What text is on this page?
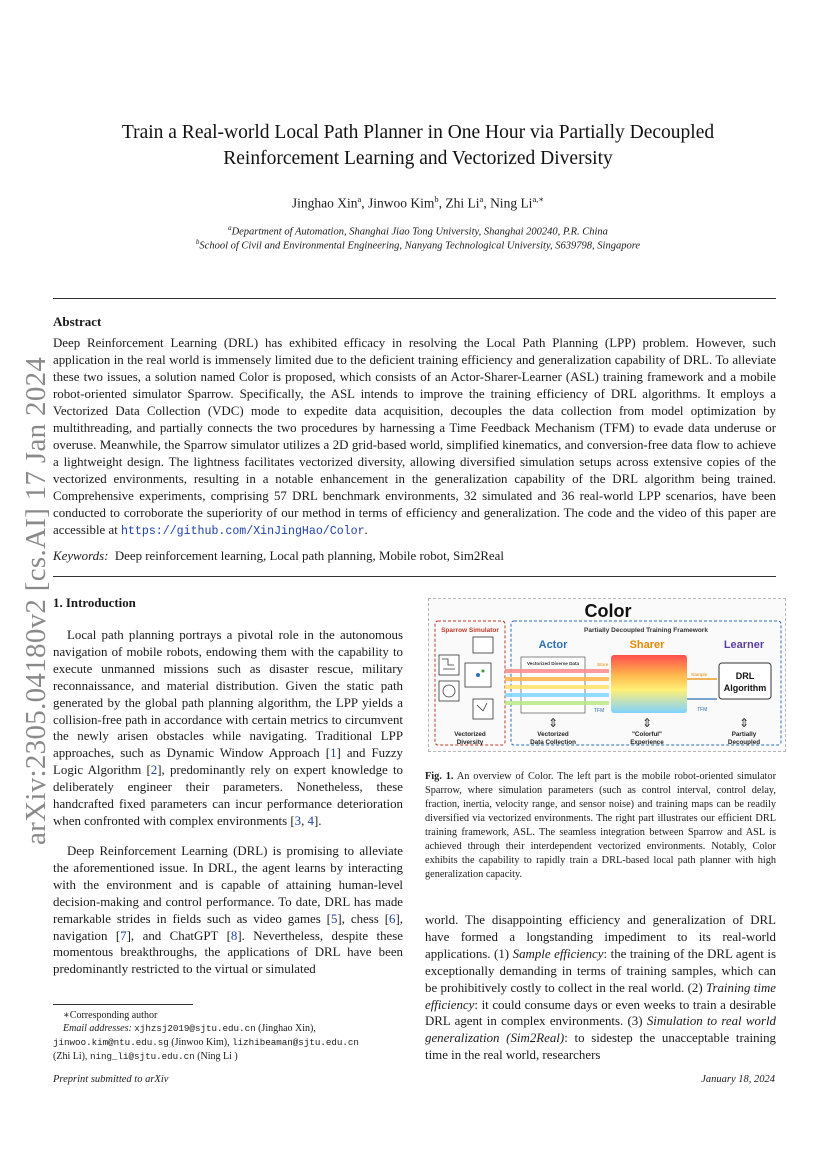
arXiv:2305.04180v2 [cs.AI] 17 Jan 2024
Train a Real-world Local Path Planner in One Hour via Partially Decoupled
Reinforcement Learning and Vectorized Diversity
Jinghao Xin$^a$, Jinwoo Kim$^b$, Zhi Li$^a$, Ning $Li^{a,∗}$
$^a$Department of Automation, Shanghai Jiao Tong University, Shanghai 200240, P.R. China
$^b$School of Civil and Environmental Engineering, Nanyang Technological University, S639798, Singapore
Abstract
Deep Reinforcement Learning (DRL) has exhibited efficacy in resolving the Local Path Planning (LPP) problem. However, such application in the real world is immensely limited due to the deficient training efficiency and generalization capability of DRL. To alleviate these two issues, a solution named Color is proposed, which consists of an Actor-Sharer-Learner (ASL) training framework and a mobile robot-oriented simulator Sparrow. Specifically, the ASL intends to improve the training efficiency of DRL algorithms. It employs a Vectorized Data Collection (VDC) mode to expedite data acquisition, decouples the data collection from model optimization by multithreading, and partially connects the two procedures by harnessing a Time Feedback Mechanism (TFM) to evade data underuse or overuse. Meanwhile, the Sparrow simulator utilizes a 2D grid-based world, simplified kinematics, and conversion-free data flow to achieve a lightweight design. The lightness facilitates vectorized diversity, allowing diversified simulation setups across extensive copies of the vectorized environments, resulting in a notable enhancement in the generalization capability of the DRL algorithm being trained. Comprehensive experiments, comprising 57 DRL benchmark environments, 32 simulated and 36 real-world LPP scenarios, have been conducted to corroborate the superiority of our method in terms of efficiency and generalization. The code and the video of this paper are accessible at https://github.com/XinJingHao/Color.
Keywords: Deep reinforcement learning, Local path planning, Mobile robot, Sim2Real
1. Introduction
Local path planning portrays a pivotal role in the autonomous navigation of mobile robots, endowing them with the capability to execute unmanned missions such as disaster rescue, military reconnaissance, and material distribution. Given the static path generated by the global path planning algorithm, the LPP yields a collision-free path in accordance with certain metrics to circumvent the newly arisen obstacles while navigating. Traditional LPP approaches, such as Dynamic Window Approach [1] and Fuzzy Logic Algorithm [2], predominantly rely on expert knowledge to deliberately engineer their parameters. Nonetheless, these handcrafted fixed parameters can incur performance deterioration when confronted with complex environments [3, 4].
Deep Reinforcement Learning (DRL) is promising to alleviate the aforementioned issue. In DRL, the agent learns by interacting with the environment and is capable of attaining human-level decision-making and control performance. To date, DRL has made remarkable strides in fields such as video games [5], chess [6], navigation [7], and ChatGPT [8]. Nevertheless, despite these momentous breakthroughs, the applications of DRL have been predominantly restricted to the virtual or simulated
∗Corresponding author
Email addresses: xjhzsj2019@sjtu.edu.cn (Jinghao Xin),
jinwoo.kim@ntu.edu.sg (Jinwoo Kim), lizhibeaman@sjtu.edu.cn
(Zhi Li), ning_li@sjtu.edu.cn (Ning Li )
Preprint submitted to arXiv	January 18, 2024
Color
Sparrow Simulator
Vectorized
Diversity
Partially Decoupled Training Framework
Actor	Sharer	Learner
Vectorized Diverse Data	Store
TFM
Sample
TFM
DRL
Algorithm
⇕	⇕	⇕
Vectorized
Data Collection
"Colorful"
Experience
Partially
Decoupled
Fig. 1. An overview of Color. The left part is the mobile robot-oriented simulator Sparrow, where simulation parameters (such as control interval, control delay, fraction, inertia, velocity range, and sensor noise) and training maps can be readily diversified via vectorized environments. The right part illustrates our efficient DRL training framework, ASL. The seamless integration between Sparrow and ASL is achieved through their interdependent vectorized environments. Notably, Color exhibits the capability to rapidly train a DRL-based local path planner with high generalization capacity.
world. The disappointing efficiency and generalization of DRL have formed a longstanding impediment to its real-world applications. (1) Sample efficiency: the training of the DRL agent is exceptionally demanding in terms of training samples, which can be prohibitively costly to collect in the real world. (2) Training time efficiency: it could consume days or even weeks to train a desirable DRL agent in complex environments. (3) Simulation to real world generalization (Sim2Real): to sidestep the unacceptable training time in the real world, researchers
